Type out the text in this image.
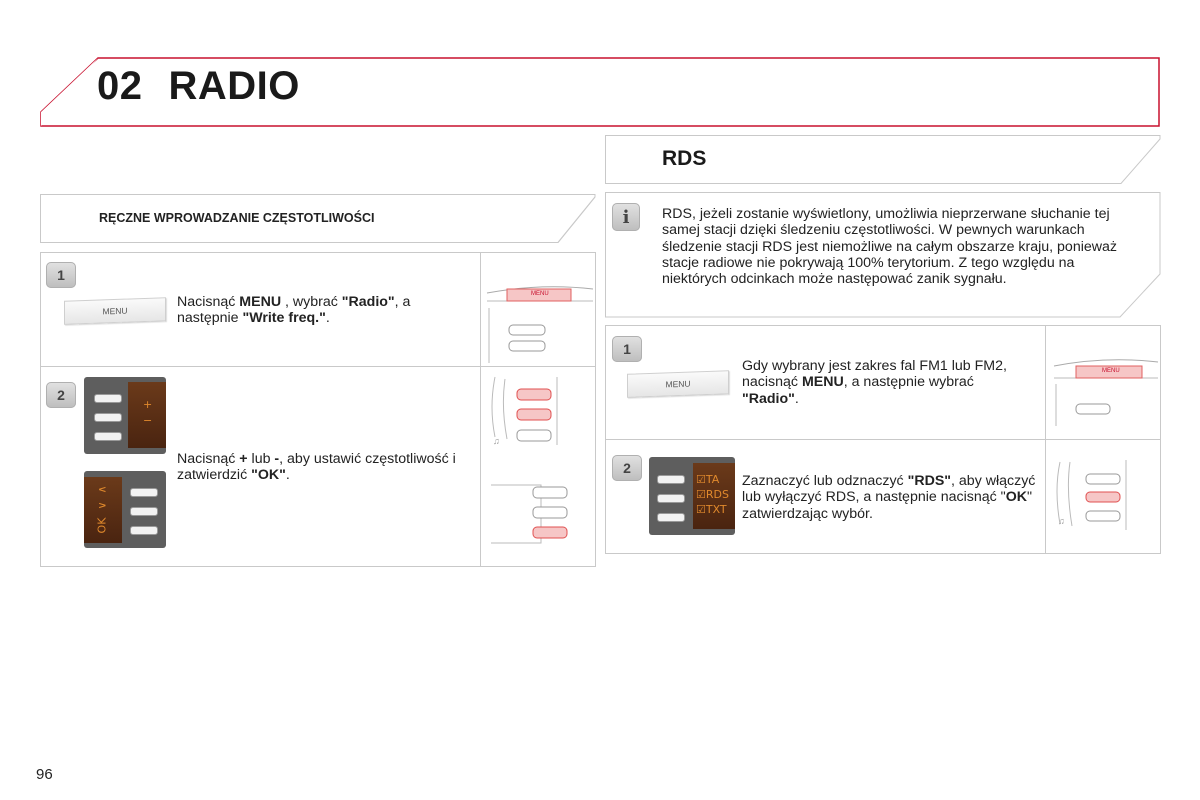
02 RADIO
RĘCZNE WPROWADZANIE CZĘSTOTLIWOŚCI
MENU
1
MENU
Nacisnąć MENU , wybrać "Radio", a następnie "Write freq.".
♫
2
+
−
∧
∨
OK
Nacisnąć + lub -, aby ustawić częstotliwość i zatwierdzić "OK".
RDS
i	RDS, jeżeli zostanie wyświetlony, umożliwia nieprzerwane słuchanie tej samej stacji dzięki śledzeniu częstotliwości. W pewnych warunkach śledzenie stacji RDS jest niemożliwe na całym obszarze kraju, ponieważ stacje radiowe nie pokrywają 100% terytorium. Z tego względu na niektórych odcinkach może następować zanik sygnału.
MENU
1
MENU
Gdy wybrany jest zakres fal FM1 lub FM2, nacisnąć MENU, a następnie wybrać "Radio".
♫
2
☑TA
☑RDS
☑TXT
Zaznaczyć lub odznaczyć "RDS", aby włączyć lub wyłączyć RDS, a następnie nacisnąć "OK" zatwierdzając wybór.
96
